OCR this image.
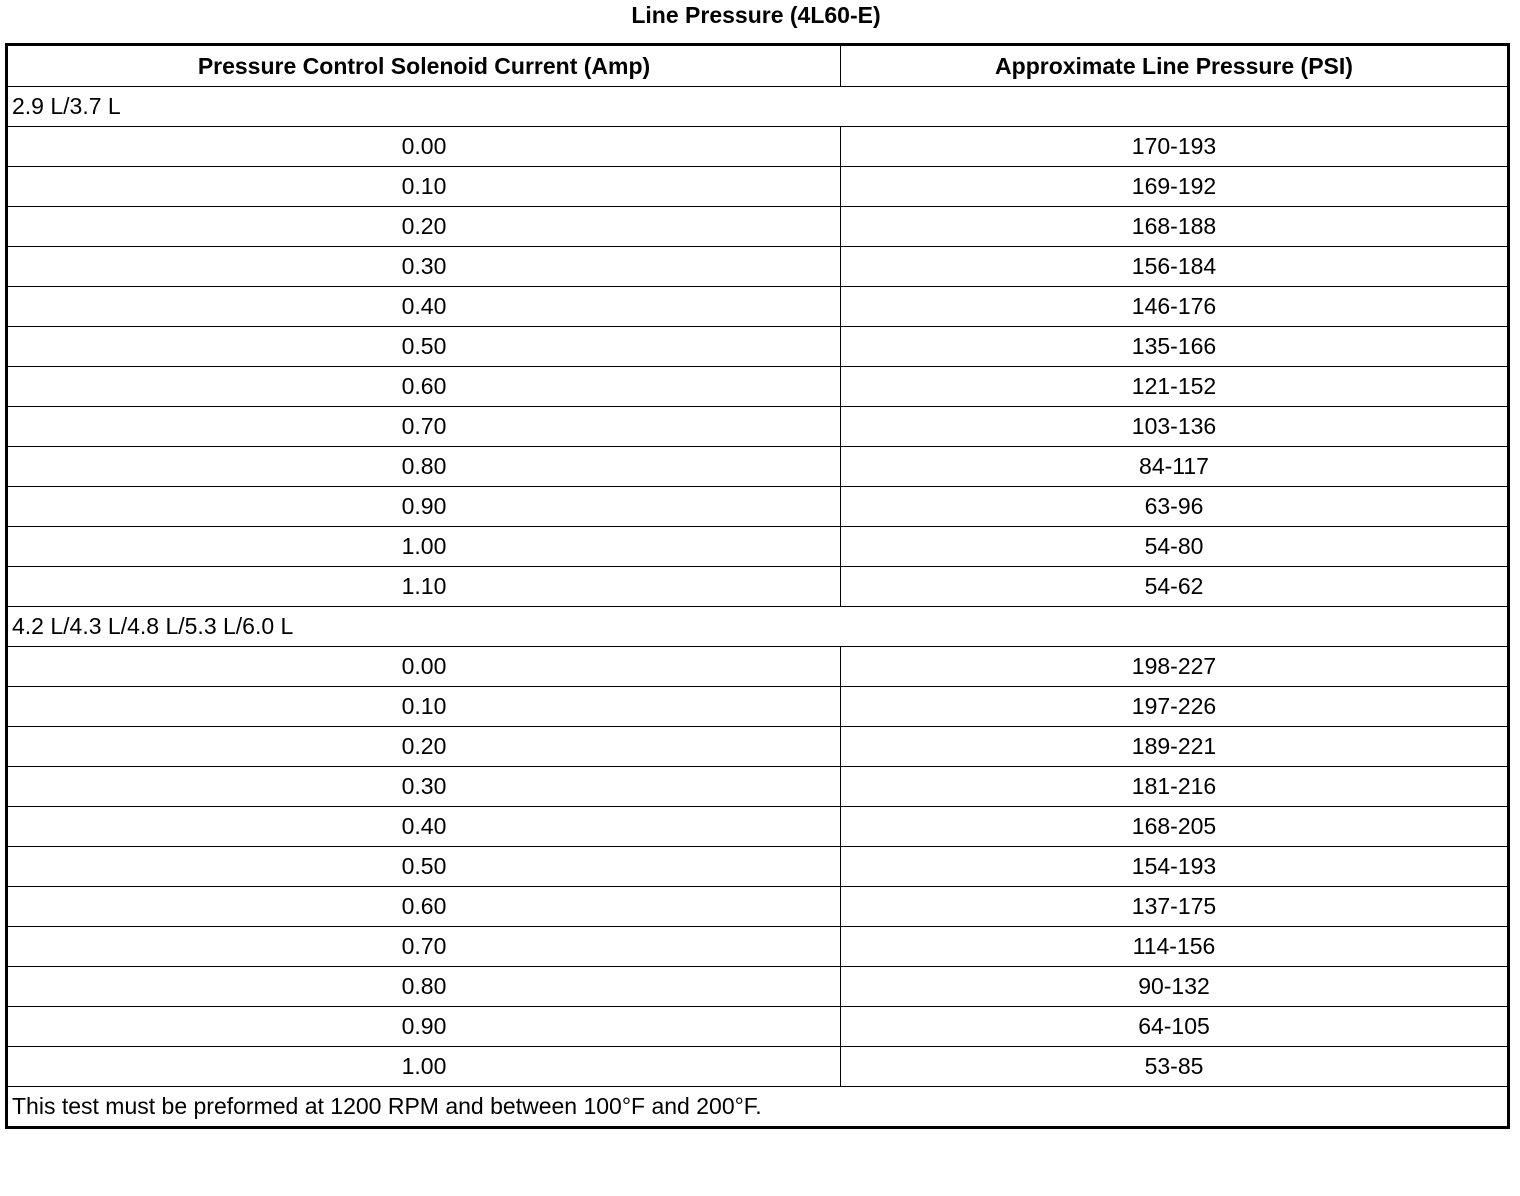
Line Pressure (4L60-E)
Pressure Control Solenoid Current (Amp)	Approximate Line Pressure (PSI)
2.9 L/3.7 L	
0.00	170-193
0.10	169-192
0.20	168-188
0.30	156-184
0.40	146-176
0.50	135-166
0.60	121-152
0.70	103-136
0.80	84-117
0.90	63-96
1.00	54-80
1.10	54-62
4.2 L/4.3 L/4.8 L/5.3 L/6.0 L	
0.00	198-227
0.10	197-226
0.20	189-221
0.30	181-216
0.40	168-205
0.50	154-193
0.60	137-175
0.70	114-156
0.80	90-132
0.90	64-105
1.00	53-85
This test must be preformed at 1200 RPM and between 100°F and 200°F.	
